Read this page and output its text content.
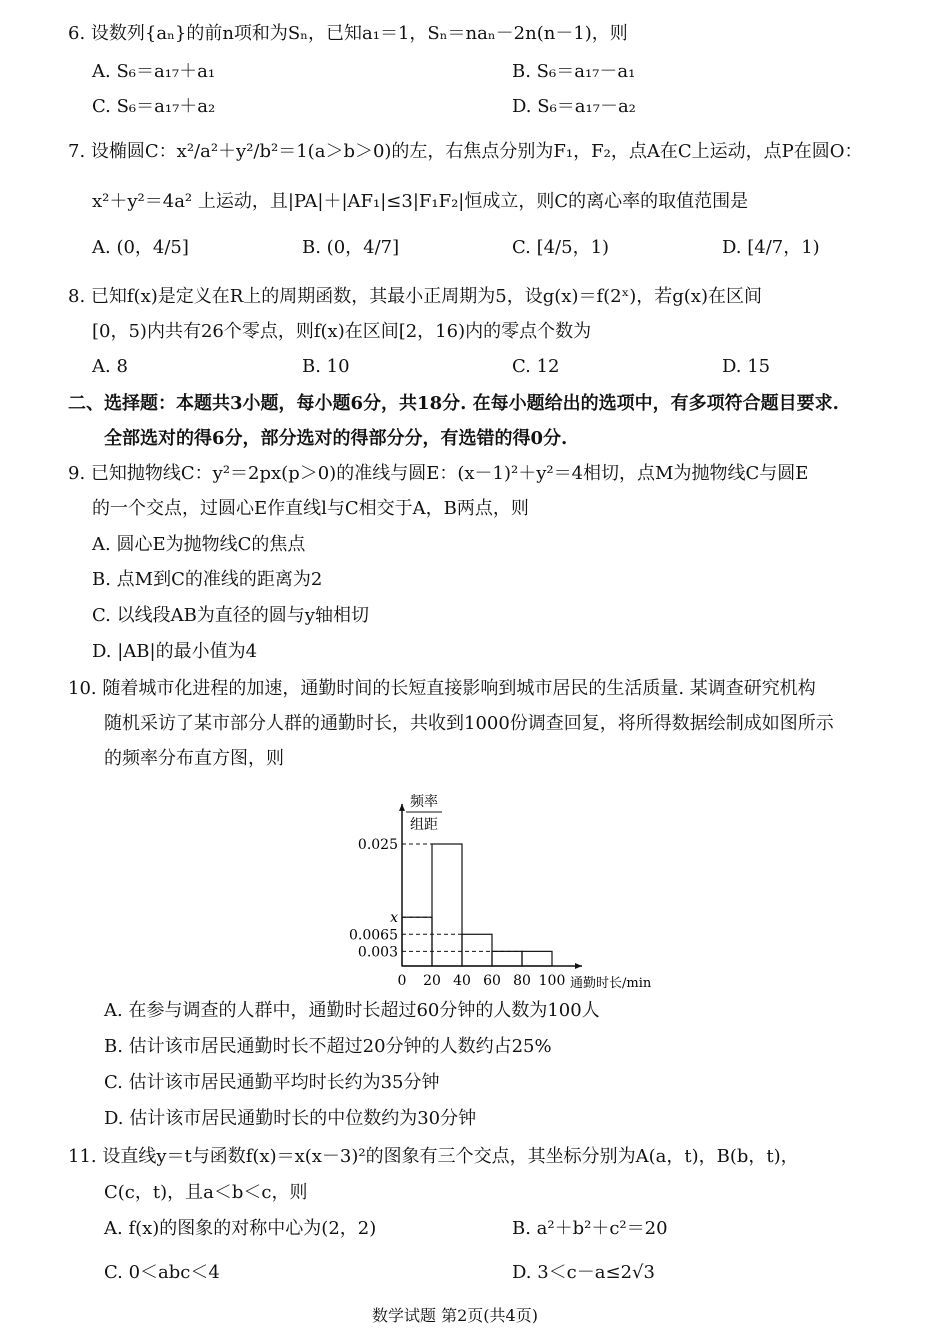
6. 设数列{aₙ}的前n项和为Sₙ，已知a₁＝1，Sₙ＝naₙ－2n(n－1)，则
A. S₆＝a₁₇＋a₁	B. S₆＝a₁₇－a₁
C. S₆＝a₁₇＋a₂	D. S₆＝a₁₇－a₂
7. 设椭圆C：x²/a²＋y²/b²＝1(a＞b＞0)的左，右焦点分别为F₁，F₂，点A在C上运动，点P在圆O：
x²＋y²＝4a² 上运动，且|PA|＋|AF₁|≤3|F₁F₂|恒成立，则C的离心率的取值范围是
A. (0，4/5]	B. (0，4/7]	C. [4/5，1)	D. [4/7，1)
8. 已知f(x)是定义在R上的周期函数，其最小正周期为5，设g(x)＝f(2ˣ)，若g(x)在区间
[0，5)内共有26个零点，则f(x)在区间[2，16)内的零点个数为
A. 8	B. 10	C. 12	D. 15
二、选择题：本题共3小题，每小题6分，共18分. 在每小题给出的选项中，有多项符合题目要求.
全部选对的得6分，部分选对的得部分分，有选错的得0分.
9. 已知抛物线C：y²＝2px(p＞0)的准线与圆E：(x－1)²＋y²＝4相切，点M为抛物线C与圆E
的一个交点，过圆心E作直线l与C相交于A，B两点，则
A. 圆心E为抛物线C的焦点
B. 点M到C的准线的距离为2
C. 以线段AB为直径的圆与y轴相切
D. |AB|的最小值为4
10. 随着城市化进程的加速，通勤时间的长短直接影响到城市居民的生活质量. 某调查研究机构
随机采访了某市部分人群的通勤时长，共收到1000份调查回复，将所得数据绘制成如图所示
的频率分布直方图，则
0.025
x
0.0065
0.003
0 20 40 60 80 100 通勤时长/min
频率
组距
A. 在参与调查的人群中，通勤时长超过60分钟的人数为100人
B. 估计该市居民通勤时长不超过20分钟的人数约占25%
C. 估计该市居民通勤平均时长约为35分钟
D. 估计该市居民通勤时长的中位数约为30分钟
11. 设直线y＝t与函数f(x)＝x(x－3)²的图象有三个交点，其坐标分别为A(a，t)，B(b，t)，
C(c，t)，且a＜b＜c，则
A. f(x)的图象的对称中心为(2，2)	B. a²＋b²＋c²＝20
C. 0＜abc＜4	D. 3＜c－a≤2√3
数学试题 第2页(共4页)
